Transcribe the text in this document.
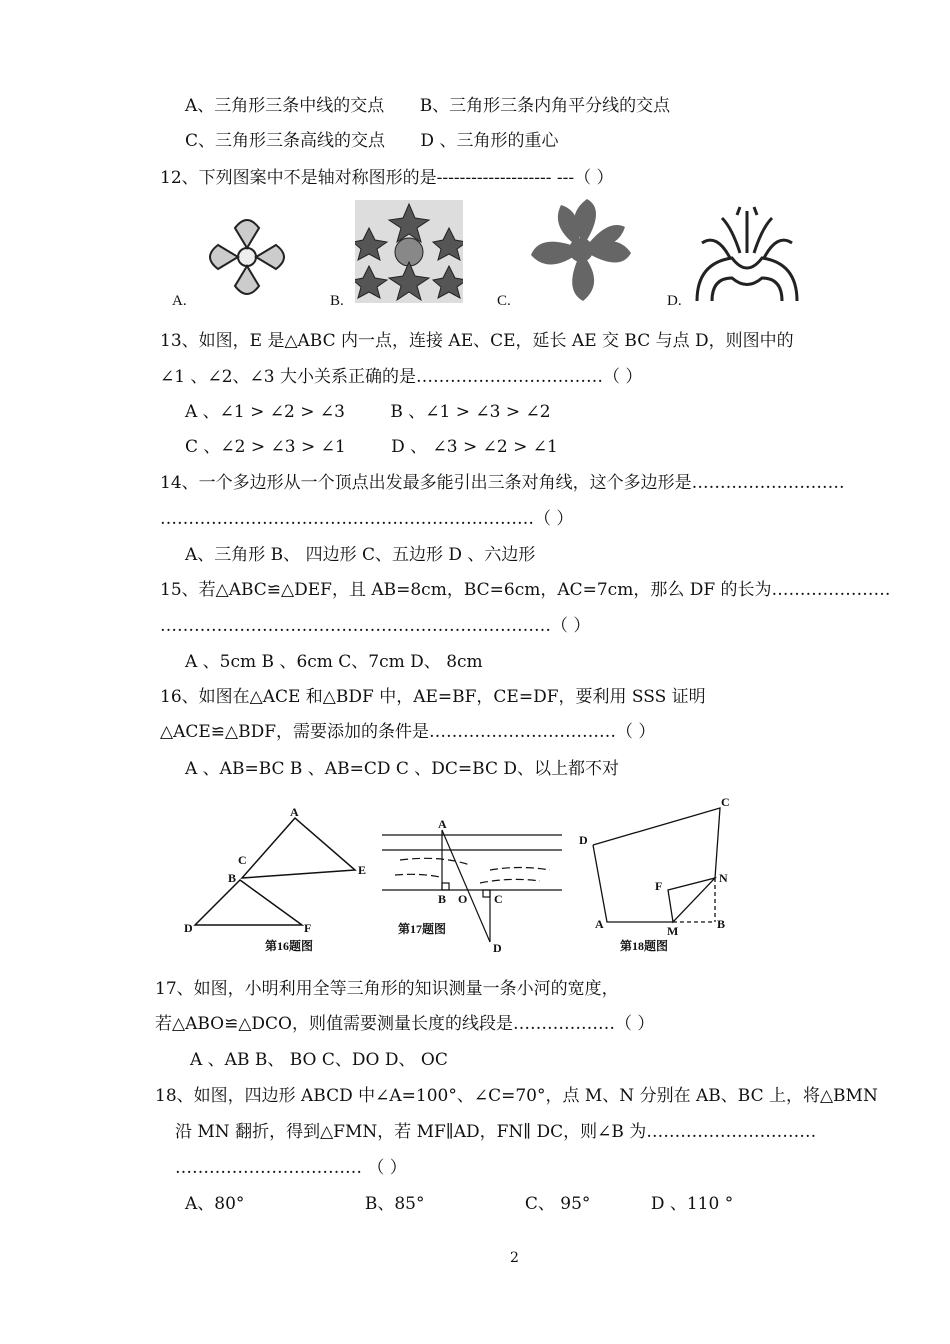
A、三角形三条中线的交点 B、三角形三条内角平分线的交点
C、三角形三条高线的交点 D 、三角形的重心
12、下列图案中不是轴对称图形的是-------------------- ---（ ）
A.	B.	C.	D.
13、如图，E 是△ABC 内一点，连接 AE、CE，延长 AE 交 BC 与点 D，则图中的
∠1 、∠2、∠3 大小关系正确的是……………………………（ ）
A 、∠1 > ∠2 > ∠3	B 、∠1 > ∠3 > ∠2
C 、∠2 > ∠3 > ∠1	D 、 ∠3 > ∠2 > ∠1
14、一个多边形从一个顶点出发最多能引出三条对角线，这个多边形是………………………
…………………………………………………………（ ）
A、三角形 B、 四边形 C、五边形 D 、六边形
15、若△ABC≌△DEF，且 AB=8cm，BC=6cm，AC=7cm，那么 DF 的长为…………………
……………………………………………………………（ ）
A 、5cm B 、6cm C、7cm D、 8cm
16、如图在△ACE 和△BDF 中，AE=BF，CE=DF，要利用 SSS 证明
△ACE≌△BDF，需要添加的条件是……………………………（ ）
A 、AB=BC B 、AB=CD C 、DC=BC D、以上都不对
A
C
B
E
D	F
第16题图
A
B O C
D
第17题图
C
D
N
F
A	M	B
第18题图
17、如图，小明利用全等三角形的知识测量一条小河的宽度，
若△ABO≌△DCO，则值需要测量长度的线段是………………（ ）
A 、AB B、 BO C、DO D、 OC
18、如图，四边形 ABCD 中∠A=100°、∠C=70°，点 M、N 分别在 AB、BC 上，将△BMN
沿 MN 翻折，得到△FMN，若 MF∥AD，FN∥ DC，则∠B 为…………………………
…………………………… （ ）
A、80°	B、85°	C、 95°	D 、110 °
2
